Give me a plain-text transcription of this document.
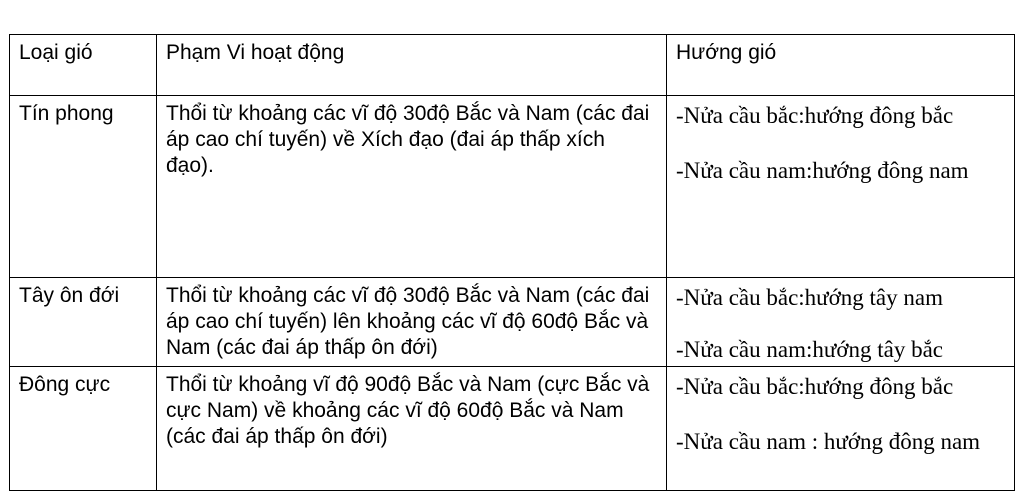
Loại gió	Phạm Vi hoạt động	Hướng gió
Tín phong	Thổi từ khoảng các vĩ độ 30độ Bắc và Nam (các đai áp cao chí tuyến) về Xích đạo (đai áp thấp xích đạo).	-Nửa cầu bắc:hướng đông bắc
-Nửa cầu nam:hướng đông nam

Tây ôn đới	Thổi từ khoảng các vĩ độ 30độ Bắc và Nam (các đai áp cao chí tuyến) lên khoảng các vĩ độ 60độ Bắc và Nam (các đai áp thấp ôn đới)	-Nửa cầu bắc:hướng tây nam
-Nửa cầu nam:hướng tây bắc

Đông cực	Thổi từ khoảng vĩ độ 90độ Bắc và Nam (cực Bắc và cực Nam) về khoảng các vĩ độ 60độ Bắc và Nam (các đai áp thấp ôn đới)	-Nửa cầu bắc:hướng đông bắc
-Nửa cầu nam : hướng đông nam
